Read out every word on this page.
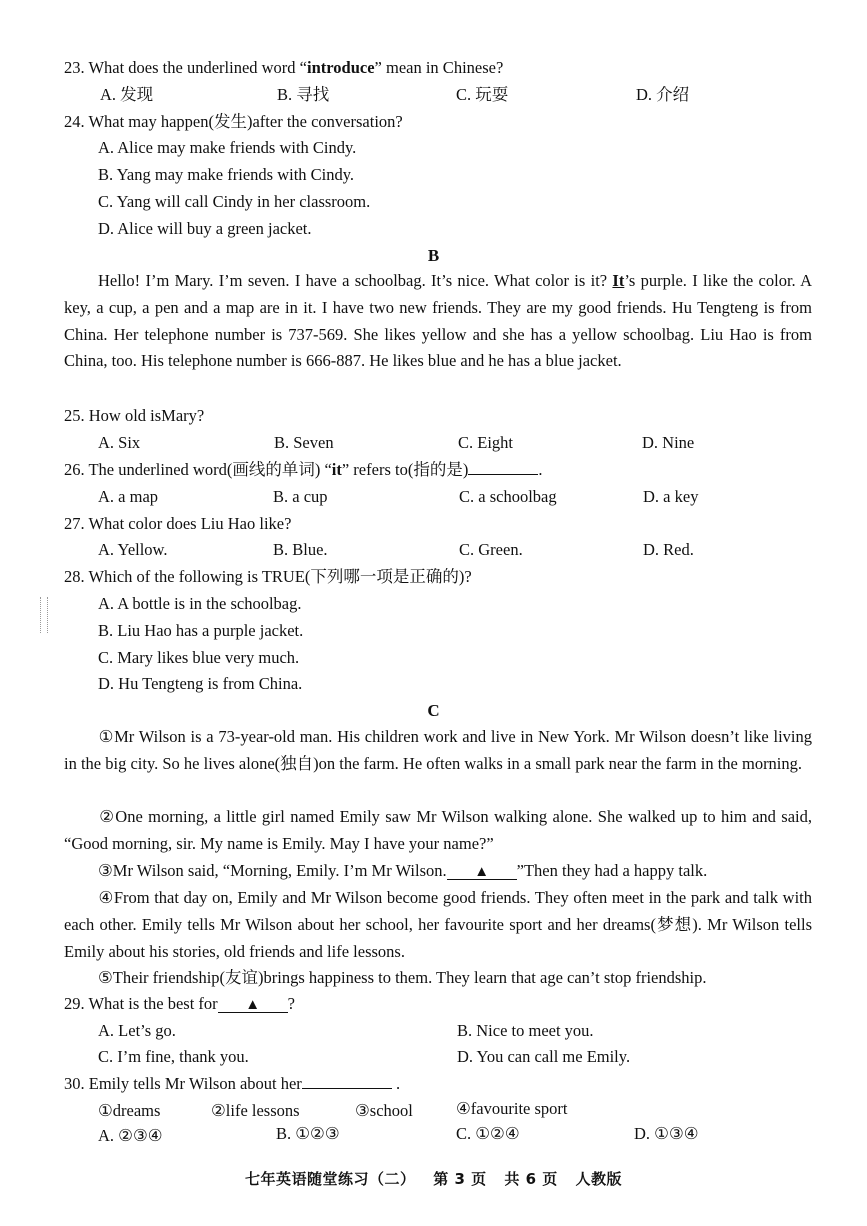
23. What does the underlined word “introduce” mean in Chinese?
A. 发现	B. 寻找	C. 玩耍	D. 介绍
24. What may happen(发生)after the conversation?
A. Alice may make friends with Cindy.
B. Yang may make friends with Cindy.
C. Yang will call Cindy in her classroom.
D. Alice will buy a green jacket.
B
Hello! I’m Mary. I’m seven. I have a schoolbag. It’s nice. What color is it? It’s purple. I like the color. A key, a cup, a pen and a map are in it. I have two new friends. They are my good friends. Hu Tengteng is from China. Her telephone number is 737-569. She likes yellow and she has a yellow schoolbag. Liu Hao is from China, too. His telephone number is 666-887. He likes blue and he has a blue jacket.
25. How old isMary?
A. Six	B. Seven	C. Eight	D. Nine
26. The underlined word(画线的单词) “it” refers to(指的是)	.
A. a map	B. a cup	C. a schoolbag	D. a key
27. What color does Liu Hao like?
A. Yellow.	B. Blue.	C. Green.	D. Red.
28. Which of the following is TRUE(下列哪一项是正确的)?
A. A bottle is in the schoolbag.
B. Liu Hao has a purple jacket.
C. Mary likes blue very much.
D. Hu Tengteng is from China.
C
①Mr Wilson is a 73-year-old man. His children work and live in New York. Mr Wilson doesn’t like living in the big city. So he lives alone(独自)on the farm. He often walks in a small park near the farm in the morning.
②One morning, a little girl named Emily saw Mr Wilson walking alone. She walked up to him and said, “Good morning, sir. My name is Emily. May I have your name?”
③Mr Wilson said, “Morning, Emily. I’m Mr Wilson. ▲ ”Then they had a happy talk.
④From that day on, Emily and Mr Wilson become good friends. They often meet in the park and talk with each other. Emily tells Mr Wilson about her school, her favourite sport and her dreams(梦想). Mr Wilson tells Emily about his stories, old friends and life lessons.
⑤Their friendship(友谊)brings happiness to them. They learn that age can’t stop friendship.
29. What is the best for ▲ ?
A. Let’s go.	B. Nice to meet you.
C. I’m fine, thank you.	D. You can call me Emily.
30. Emily tells Mr Wilson about her	.
①dreams	②life lessons	③school	④favourite sport
A. ②③④	B. ①②③	C. ①②④	D. ①③④
七年英语随堂练习（二） 第 3 页 共 6 页 人教版
